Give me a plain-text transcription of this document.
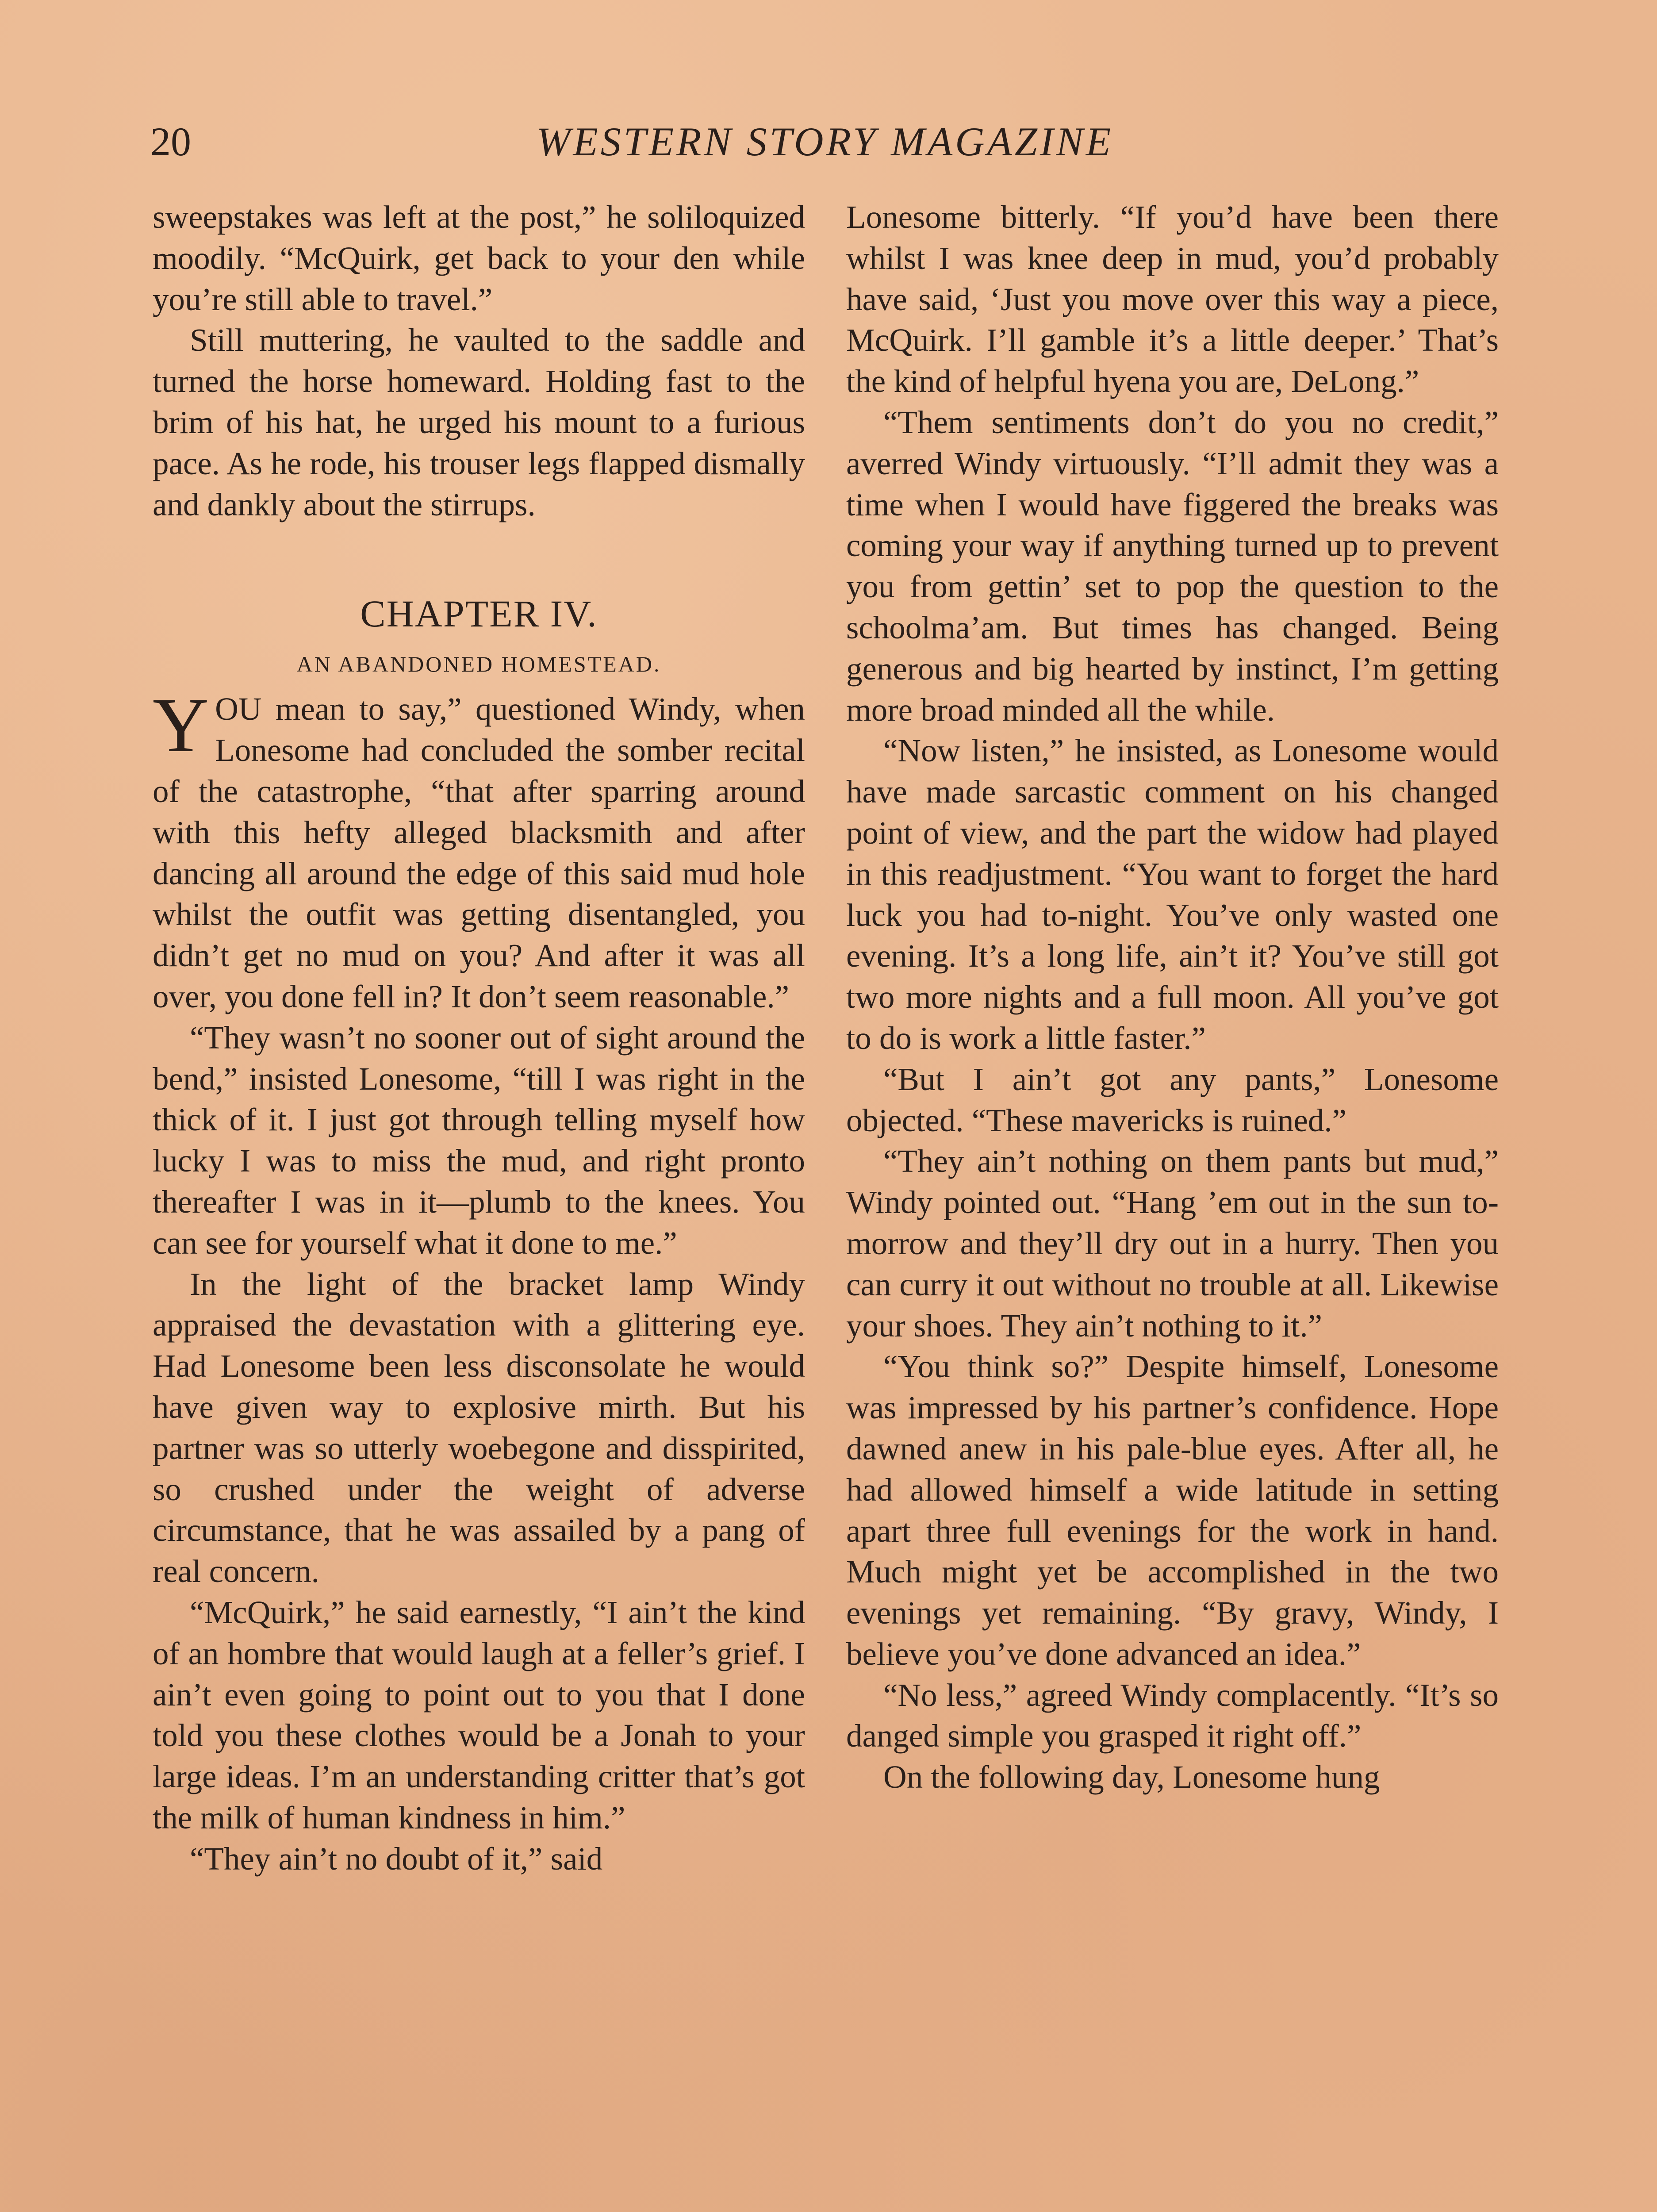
20	WESTERN STORY MAGAZINE

sweepstakes was left at the post,” he soliloquized moodily. “McQuirk, get back to your den while you’re still able to travel.”

Still muttering, he vaulted to the saddle and turned the horse homeward. Holding fast to the brim of his hat, he urged his mount to a furious pace. As he rode, his trouser legs flapped dismally and dankly about the stirrups.

CHAPTER IV.
AN ABANDONED HOMESTEAD.
Y OU mean to say,” questioned Windy, when Lonesome had concluded the somber recital of the catastrophe, “that after sparring around with this hefty alleged blacksmith and after dancing all around the edge of this said mud hole whilst the outfit was getting disentangled, you didn’t get no mud on you? And after it was all over, you done fell in? It don’t seem reasonable.”

“They wasn’t no sooner out of sight around the bend,” insisted Lonesome, “till I was right in the thick of it. I just got through telling myself how lucky I was to miss the mud, and right pronto thereafter I was in it—plumb to the knees. You can see for yourself what it done to me.”

In the light of the bracket lamp Windy appraised the devastation with a glittering eye. Had Lonesome been less disconsolate he would have given way to explosive mirth. But his partner was so utterly woebegone and disspirited, so crushed under the weight of adverse circumstance, that he was assailed by a pang of real concern.

“McQuirk,” he said earnestly, “I ain’t the kind of an hombre that would laugh at a feller’s grief. I ain’t even going to point out to you that I done told you these clothes would be a Jonah to your large ideas. I’m an understanding critter that’s got the milk of human kindness in him.”

“They ain’t no doubt of it,” said

Lonesome bitterly. “If you’d have been there whilst I was knee deep in mud, you’d probably have said, ‘Just you move over this way a piece, McQuirk. I’ll gamble it’s a little deeper.’ That’s the kind of helpful hyena you are, DeLong.”

“Them sentiments don’t do you no credit,” averred Windy virtuously. “I’ll admit they was a time when I would have figgered the breaks was coming your way if anything turned up to prevent you from gettin’ set to pop the question to the schoolma’am. But times has changed. Being generous and big hearted by instinct, I’m getting more broad minded all the while.

“Now listen,” he insisted, as Lonesome would have made sarcastic comment on his changed point of view, and the part the widow had played in this readjustment. “You want to forget the hard luck you had to-night. You’ve only wasted one evening. It’s a long life, ain’t it? You’ve still got two more nights and a full moon. All you’ve got to do is work a little faster.”

“But I ain’t got any pants,” Lonesome objected. “These mavericks is ruined.”

“They ain’t nothing on them pants but mud,” Windy pointed out. “Hang ’em out in the sun to-morrow and they’ll dry out in a hurry. Then you can curry it out without no trouble at all. Likewise your shoes. They ain’t nothing to it.”

“You think so?” Despite himself, Lonesome was impressed by his partner’s confidence. Hope dawned anew in his pale-blue eyes. After all, he had allowed himself a wide latitude in setting apart three full evenings for the work in hand. Much might yet be accomplished in the two evenings yet remaining. “By gravy, Windy, I believe you’ve done advanced an idea.”

“No less,” agreed Windy complacently. “It’s so danged simple you grasped it right off.”

On the following day, Lonesome hung
